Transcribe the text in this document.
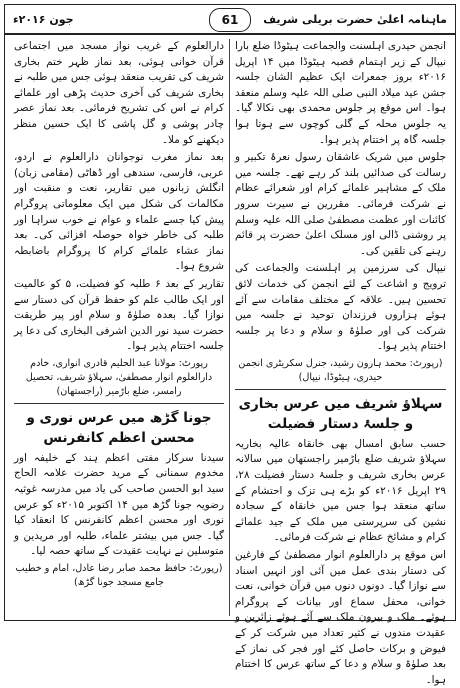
جون ۲۰۱۶ء	61	ماہنامہ اعلیٰ حضرت بریلی شریف

انجمن حیدری اہلسنت والجماعت ہیٹوڈا ضلع بارا نیپال کے زیر اہتمام قصبہ ہیٹوڈا میں ۱۴ اپریل ۲۰۱۶ء بروز جمعرات ایک عظیم الشان جلسہ جشن عید میلاد النبی صلی اللہ علیہ وسلم منعقد ہوا۔ اس موقع پر جلوس محمدی بھی نکالا گیا۔ یہ جلوس محلہ کے گلی کوچوں سے ہوتا ہوا جلسہ گاہ پر اختتام پذیر ہوا۔

جلوس میں شریک عاشقان رسول نعرۂ تکبیر و رسالت کی صدائیں بلند کر رہے تھے۔ جلسہ میں ملک کے مشاہیر علمائے کرام اور شعرائے عظام نے شرکت فرمائی۔ مقررین نے سیرت سرور کائنات اور عظمت مصطفیٰ صلی اللہ علیہ وسلم پر روشنی ڈالی اور مسلک اعلیٰ حضرت پر قائم رہنے کی تلقین کی۔

نیپال کی سرزمین پر اہلسنت والجماعت کی ترویج و اشاعت کے لئے انجمن کی خدمات لائق تحسین ہیں۔ علاقہ کے مختلف مقامات سے آئے ہوئے ہزاروں فرزندان توحید نے جلسہ میں شرکت کی اور صلوٰۃ و سلام و دعا پر جلسہ اختتام پذیر ہوا۔

(رپورٹ: محمد ہارون رشید، جنرل سکریٹری انجمن حیدری، ہیٹوڈا، نیپال)
سہلاؤ شریف میں عرس بخاری و جلسۂ دستار فضیلت

حسب سابق امسال بھی خانقاہ عالیہ بخاریہ سہلاؤ شریف ضلع باڑمیر راجستھان میں سالانہ عرس بخاری شریف و جلسۂ دستار فضیلت ۲۸، ۲۹ اپریل ۲۰۱۶ء کو بڑے ہی تزک و احتشام کے ساتھ منعقد ہوا جس میں خانقاہ کے سجادہ نشین کی سرپرستی میں ملک کے جید علمائے کرام و مشائخ عظام نے شرکت فرمائی۔

اس موقع پر دارالعلوم انوار مصطفیٰ کے فارغین کی دستار بندی عمل میں آئی اور انہیں اسناد سے نوازا گیا۔ دونوں دنوں میں قرآن خوانی، نعت خوانی، محفل سماع اور بیانات کے پروگرام ہوئے۔ ملک و بیرون ملک سے آئے ہوئے زائرین و عقیدت مندوں نے کثیر تعداد میں شرکت کر کے فیوض و برکات حاصل کئے اور فجر کی نماز کے بعد صلوٰۃ و سلام و دعا کے ساتھ عرس کا اختتام ہوا۔

دارالعلوم کے غریب نواز مسجد میں اجتماعی قرآن خوانی ہوئی، بعد نماز ظہر ختم بخاری شریف کی تقریب منعقد ہوئی جس میں طلبہ نے بخاری شریف کی آخری حدیث پڑھی اور علمائے کرام نے اس کی تشریح فرمائی۔ بعد نماز عصر چادر پوشی و گل پاشی کا ایک حسین منظر دیکھنے کو ملا۔

بعد نماز مغرب نوجوانان دارالعلوم نے اردو، عربی، فارسی، سندھی اور ڈھاٹی (مقامی زبان) انگلش زبانوں میں تقاریر، نعت و منقبت اور مکالمات کی شکل میں ایک معلوماتی پروگرام پیش کیا جسے علماء و عوام نے خوب سراہا اور طلبہ کی خاطر خواہ حوصلہ افزائی کی۔ بعد نماز عشاء علمائے کرام کا پروگرام باضابطہ شروع ہوا۔

تقاریر کے بعد ۶ طلبہ کو فضیلت، ۵ کو عالمیت اور ایک طالب علم کو حفظ قرآن کی دستار سے نوازا گیا۔ بعدہ صلوٰۃ و سلام اور پیر طریقت حضرت سید نور الدین اشرفی البخاری کی دعا پر جلسہ اختتام پذیر ہوا۔

رپورٹ: مولانا عبد الحلیم قادری انواری، خادم دارالعلوم انوار مصطفیٰ، سہلاؤ شریف، تحصیل رامسر، ضلع باڑمیر (راجستھان)
جونا گڑھ میں عرس نوری و محسن اعظم کانفرنس

سیدنا سرکار مفتی اعظم ہند کے خلیفہ اور مخدوم سمنانی کے مرید حضرت علامہ الحاج سید ابو الحسن صاحب کی یاد میں مدرسہ غوثیہ رضویہ جونا گڑھ میں ۱۴ اکتوبر ۲۰۱۵ء کو عرس نوری اور محسن اعظم کانفرنس کا انعقاد کیا گیا۔ جس میں بیشتر علماء، طلبہ اور مریدین و متوسلین نے نہایت عقیدت کے ساتھ حصہ لیا۔

(رپورٹ: حافظ محمد صابر رضا عادل، امام و خطیب جامع مسجد جونا گڑھ)
